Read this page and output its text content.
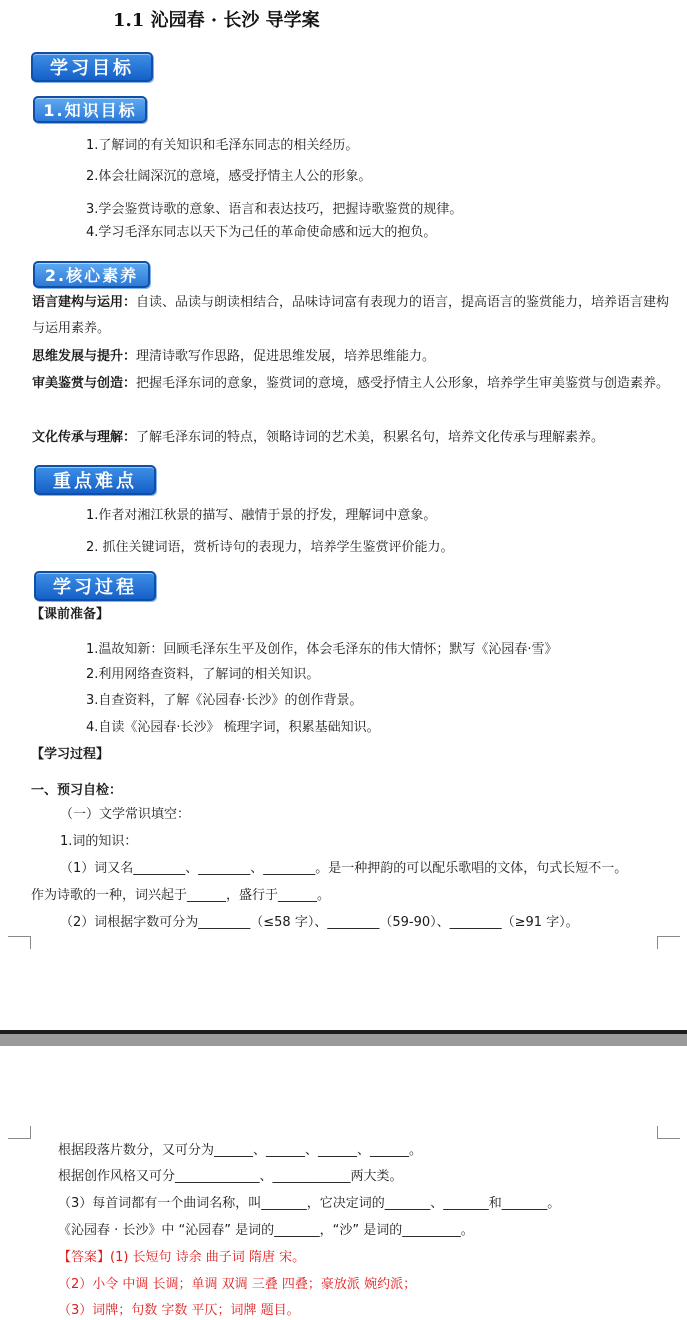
1.1 沁园春 · 长沙 导学案
学习目标
1.知识目标
1.了解词的有关知识和毛泽东同志的相关经历。
2.体会壮阔深沉的意境，感受抒情主人公的形象。
3.学会鉴赏诗歌的意象、语言和表达技巧，把握诗歌鉴赏的规律。
4.学习毛泽东同志以天下为己任的革命使命感和远大的抱负。
2.核心素养
语言建构与运用：自读、品读与朗读相结合，品味诗词富有表现力的语言，提高语言的鉴赏能力，培养语言建构与运用素养。
思维发展与提升：理清诗歌写作思路，促进思维发展，培养思维能力。
审美鉴赏与创造：把握毛泽东词的意象，鉴赏词的意境，感受抒情主人公形象，培养学生审美鉴赏与创造素养。
文化传承与理解：了解毛泽东词的特点，领略诗词的艺术美，积累名句，培养文化传承与理解素养。
重点难点
1.作者对湘江秋景的描写、融情于景的抒发，理解词中意象。
2. 抓住关键词语，赏析诗句的表现力，培养学生鉴赏评价能力。
学习过程
【课前准备】
1.温故知新：回顾毛泽东生平及创作，体会毛泽东的伟大情怀；默写《沁园春·雪》
2.利用网络查资料，了解词的相关知识。
3.自查资料，了解《沁园春·长沙》的创作背景。
4.自读《沁园春·长沙》 梳理字词，积累基础知识。
【学习过程】
一、预习自检：
（一）文学常识填空：
1.词的知识：
（1）词又名________、________、________。是一种押韵的可以配乐歌唱的文体，句式长短不一。
作为诗歌的一种，词兴起于______，盛行于______。
（2）词根据字数可分为________（≤58 字）、________（59-90）、________（≥91 字）。
根据段落片数分，又可分为______、______、______、______。
根据创作风格又可分_____________、____________两大类。
（3）每首词都有一个曲词名称，叫_______，它决定词的_______、_______和_______。
《沁园春 · 长沙》中 “沁园春” 是词的_______，“沙” 是词的_________。
【答案】(1) 长短句 诗余 曲子词 隋唐 宋。
（2）小令 中调 长调；单调 双调 三叠 四叠；豪放派 婉约派；
（3）词牌；句数 字数 平仄；词牌 题目。
